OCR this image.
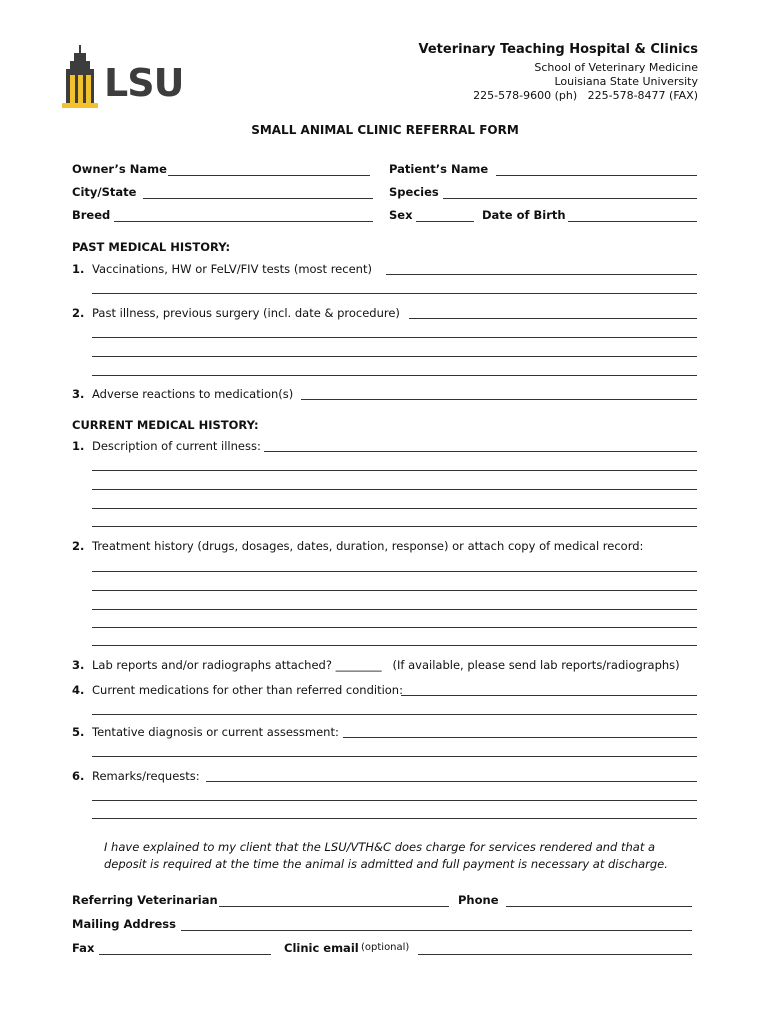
LSU
Veterinary Teaching Hospital & Clinics
School of Veterinary Medicine
Louisiana State University
225-578-9600 (ph)   225-578-8477 (FAX)
SMALL ANIMAL CLINIC REFERRAL FORM
Owner’s Name	Patient’s Name
City/State	Species
Breed	Sex	Date of Birth
PAST MEDICAL HISTORY:
1. Vaccinations, HW or FeLV/FIV tests (most recent)
2. Past illness, previous surgery (incl. date & procedure)
3. Adverse reactions to medication(s)
CURRENT MEDICAL HISTORY:
1. Description of current illness:
2. Treatment history (drugs, dosages, dates, duration, response) or attach copy of medical record:
3. Lab reports and/or radiographs attached? ________   (If available, please send lab reports/radiographs)
4. Current medications for other than referred condition:
5. Tentative diagnosis or current assessment:
6. Remarks/requests:
I have explained to my client that the LSU/VTH&C does charge for services rendered and that a
deposit is required at the time the animal is admitted and full payment is necessary at discharge.
Referring Veterinarian	Phone
Mailing Address
Fax	Clinic email (optional)
